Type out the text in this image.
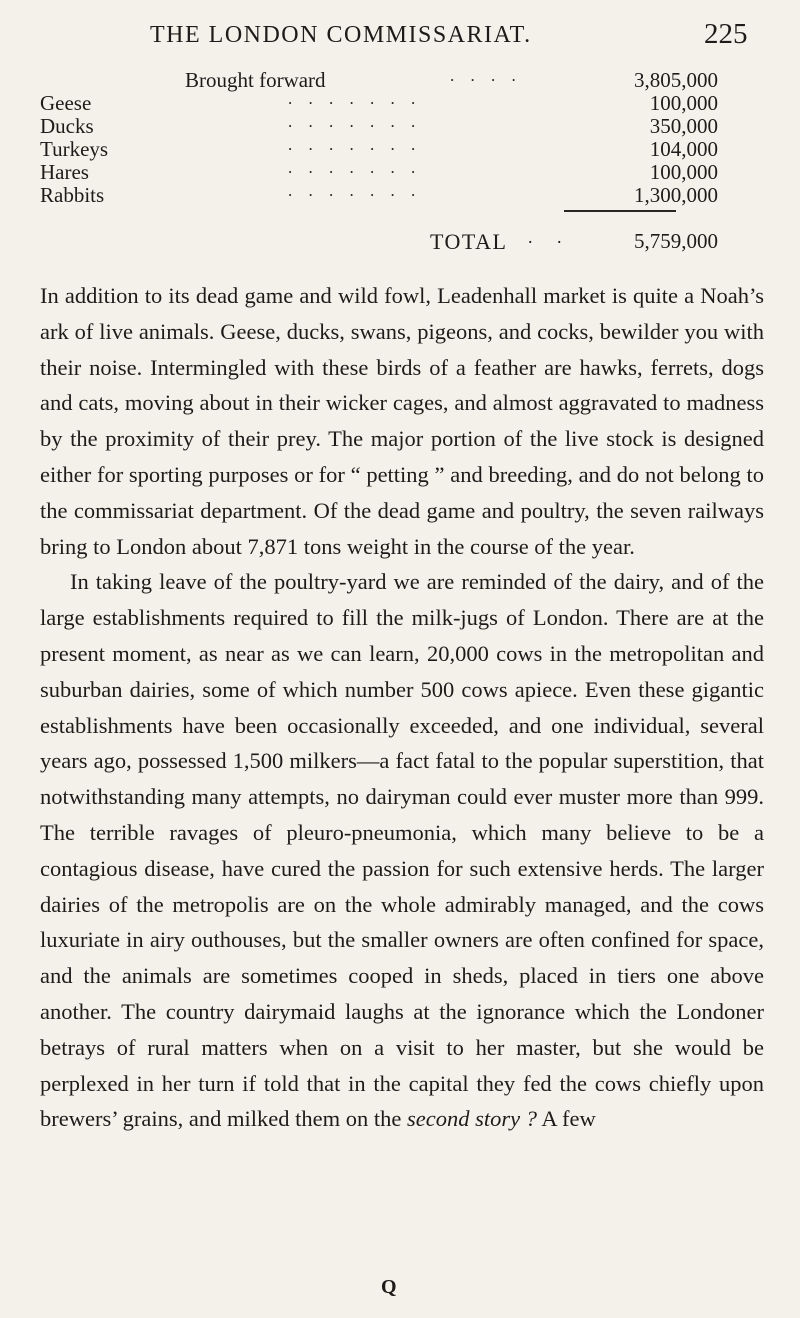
THE LONDON COMMISSARIAT.	225
Brought forward	. . . .	3,805,000
Geese	. . . . . . .	100,000
Ducks	. . . . . . .	350,000
Turkeys	. . . . . . .	104,000
Hares	. . . . . . .	100,000
Rabbits	. . . . . . .	1,300,000
TOTAL . .	5,759,000

In addition to its dead game and wild fowl, Leadenhall market is quite a Noah’s ark of live animals. Geese, ducks, swans, pigeons, and cocks, bewilder you with their noise. Intermingled with these birds of a feather are hawks, ferrets, dogs and cats, moving about in their wicker cages, and almost aggravated to madness by the proximity of their prey. The major portion of the live stock is designed either for sporting purposes or for “ petting ” and breeding, and do not belong to the commissariat department. Of the dead game and poultry, the seven railways bring to London about 7,871 tons weight in the course of the year.

In taking leave of the poultry-yard we are reminded of the dairy, and of the large establishments required to fill the milk-jugs of London. There are at the present moment, as near as we can learn, 20,000 cows in the metropolitan and suburban dairies, some of which number 500 cows apiece. Even these gigantic establishments have been occasionally exceeded, and one individual, several years ago, possessed 1,500 milkers—a fact fatal to the popular superstition, that notwithstanding many attempts, no dairyman could ever muster more than 999. The terrible ravages of pleuro-pneumonia, which many believe to be a contagious disease, have cured the passion for such extensive herds. The larger dairies of the metropolis are on the whole admirably managed, and the cows luxuriate in airy outhouses, but the smaller owners are often confined for space, and the animals are sometimes cooped in sheds, placed in tiers one above another. The country dairymaid laughs at the ignorance which the Londoner betrays of rural matters when on a visit to her master, but she would be perplexed in her turn if told that in the capital they fed the cows chiefly upon brewers’ grains, and milked them on the second story ? A few

Q
